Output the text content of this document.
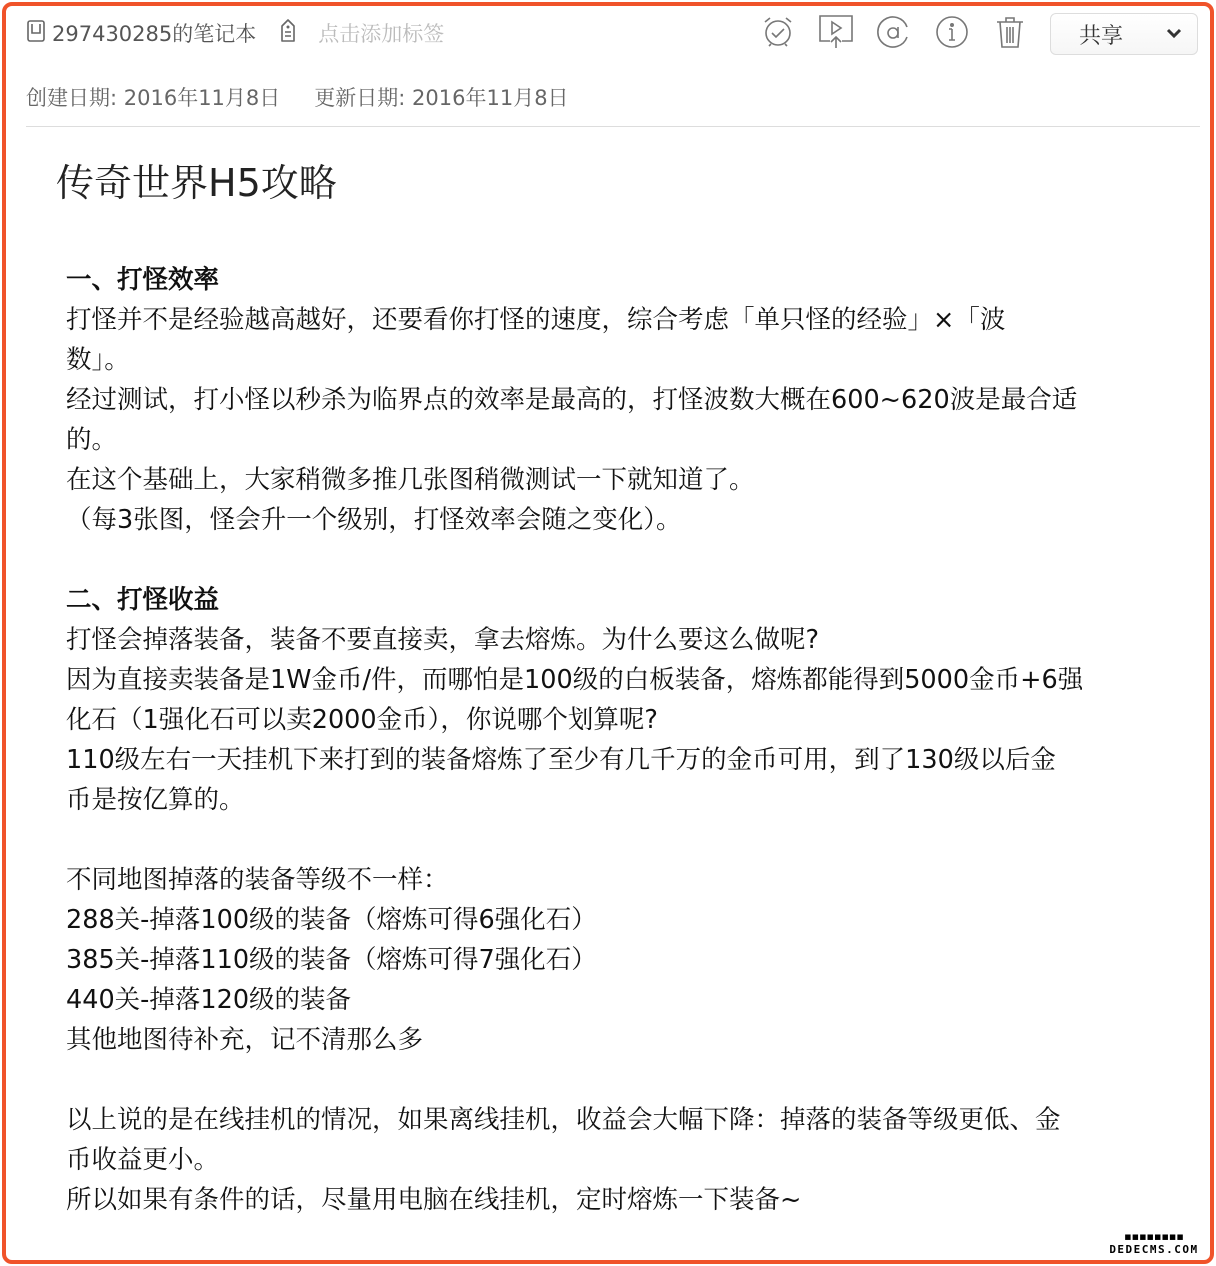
297430285的笔记本	点击添加标签	共享
创建日期: 2016年11月8日 更新日期: 2016年11月8日
传奇世界H5攻略
一、打怪效率
打怪并不是经验越高越好，还要看你打怪的速度，综合考虑「单只怪的经验」×「波
数」。
经过测试，打小怪以秒杀为临界点的效率是最高的，打怪波数大概在600~620波是最合适
的。
在这个基础上，大家稍微多推几张图稍微测试一下就知道了。
（每3张图，怪会升一个级别，打怪效率会随之变化）。
二、打怪收益
打怪会掉落装备，装备不要直接卖，拿去熔炼。为什么要这么做呢?
因为直接卖装备是1W金币/件，而哪怕是100级的白板装备，熔炼都能得到5000金币+6强
化石（1强化石可以卖2000金币），你说哪个划算呢?
110级左右一天挂机下来打到的装备熔炼了至少有几千万的金币可用，到了130级以后金
币是按亿算的。
不同地图掉落的装备等级不一样：
288关-掉落100级的装备（熔炼可得6强化石）
385关-掉落110级的装备（熔炼可得7强化石）
440关-掉落120级的装备
其他地图待补充，记不清那么多
以上说的是在线挂机的情况，如果离线挂机，收益会大幅下降：掉落的装备等级更低、金
币收益更小。
所以如果有条件的话，尽量用电脑在线挂机，定时熔炼一下装备~
▪▪▪▪▪▪▪▪
DEDECMS.COM
